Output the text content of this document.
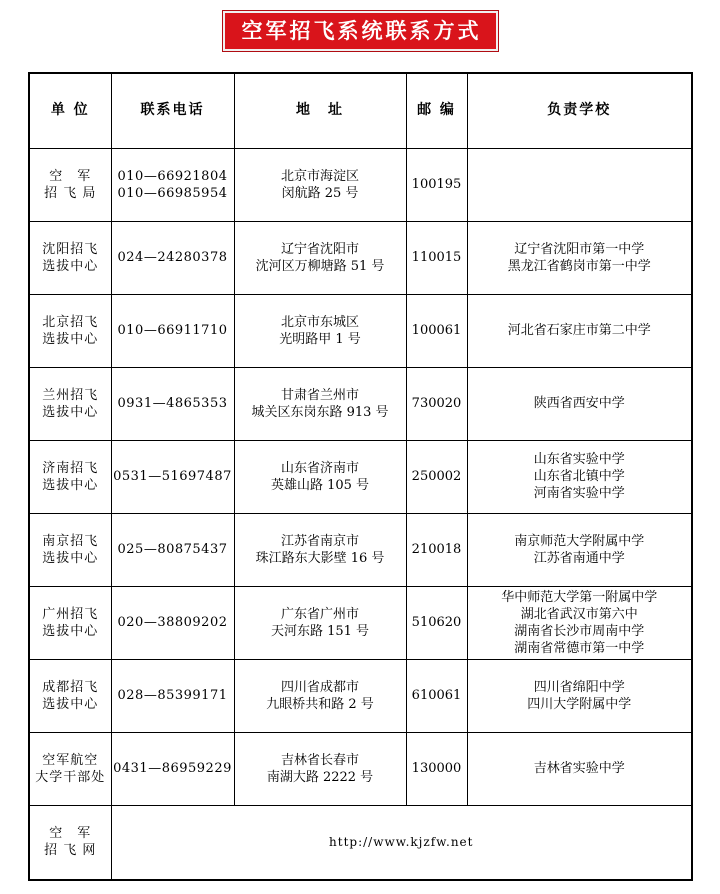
空军招飞系统联系方式
单 位	联系电话	地　址	邮 编	负责学校

空　军
招 飞 局	010—66921804
010—66985954	北京市海淀区
闵航路 25 号	100195	

沈阳招飞
选拔中心	024—24280378	辽宁省沈阳市
沈河区万柳塘路 51 号	110015	辽宁省沈阳市第一中学
黑龙江省鹤岗市第一中学

北京招飞
选拔中心	010—66911710	北京市东城区
光明路甲 1 号	100061	河北省石家庄市第二中学

兰州招飞
选拔中心	0931—4865353	甘肃省兰州市
城关区东岗东路 913 号	730020	陕西省西安中学

济南招飞
选拔中心	0531—51697487	山东省济南市
英雄山路 105 号	250002	山东省实验中学
山东省北镇中学
河南省实验中学

南京招飞
选拔中心	025—80875437	江苏省南京市
珠江路东大影壁 16 号	210018	南京师范大学附属中学
江苏省南通中学

广州招飞
选拔中心	020—38809202	广东省广州市
天河东路 151 号	510620	华中师范大学第一附属中学
湖北省武汉市第六中
湖南省长沙市周南中学
湖南省常德市第一中学

成都招飞
选拔中心	028—85399171	四川省成都市
九眼桥共和路 2 号	610061	四川省绵阳中学
四川大学附属中学

空军航空
大学干部处	0431—86959229	吉林省长春市
南湖大路 2222 号	130000	吉林省实验中学

空　军
招 飞 网	http://www.kjzfw.net			
